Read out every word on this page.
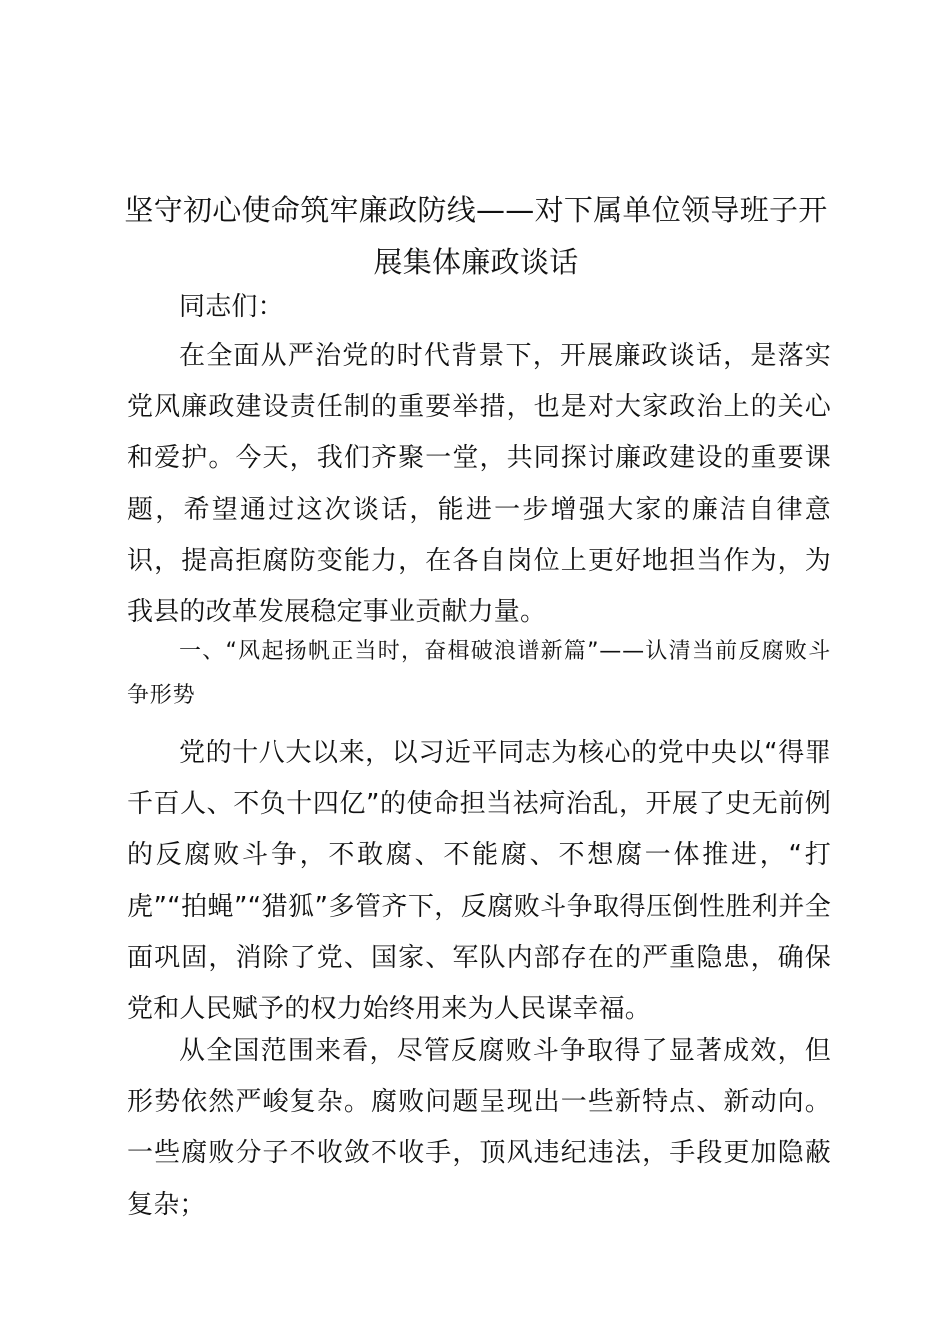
坚守初心使命筑牢廉政防线——对下属单位领导班子开展集体廉政谈话

同志们：

在全面从严治党的时代背景下，开展廉政谈话，是落实党风廉政建设责任制的重要举措，也是对大家政治上的关心和爱护。今天，我们齐聚一堂，共同探讨廉政建设的重要课题，希望通过这次谈话，能进一步增强大家的廉洁自律意识，提高拒腐防变能力，在各自岗位上更好地担当作为，为我县的改革发展稳定事业贡献力量。

一、“风起扬帆正当时，奋楫破浪谱新篇”——认清当前反腐败斗争形势

党的十八大以来，以习近平同志为核心的党中央以“得罪千百人、不负十四亿”的使命担当祛疴治乱，开展了史无前例的反腐败斗争，不敢腐、不能腐、不想腐一体推进，“打虎”“拍蝇”“猎狐”多管齐下，反腐败斗争取得压倒性胜利并全面巩固，消除了党、国家、军队内部存在的严重隐患，确保党和人民赋予的权力始终用来为人民谋幸福。

从全国范围来看，尽管反腐败斗争取得了显著成效，但形势依然严峻复杂。腐败问题呈现出一些新特点、新动向。一些腐败分子不收敛不收手，顶风违纪违法，手段更加隐蔽复杂；
